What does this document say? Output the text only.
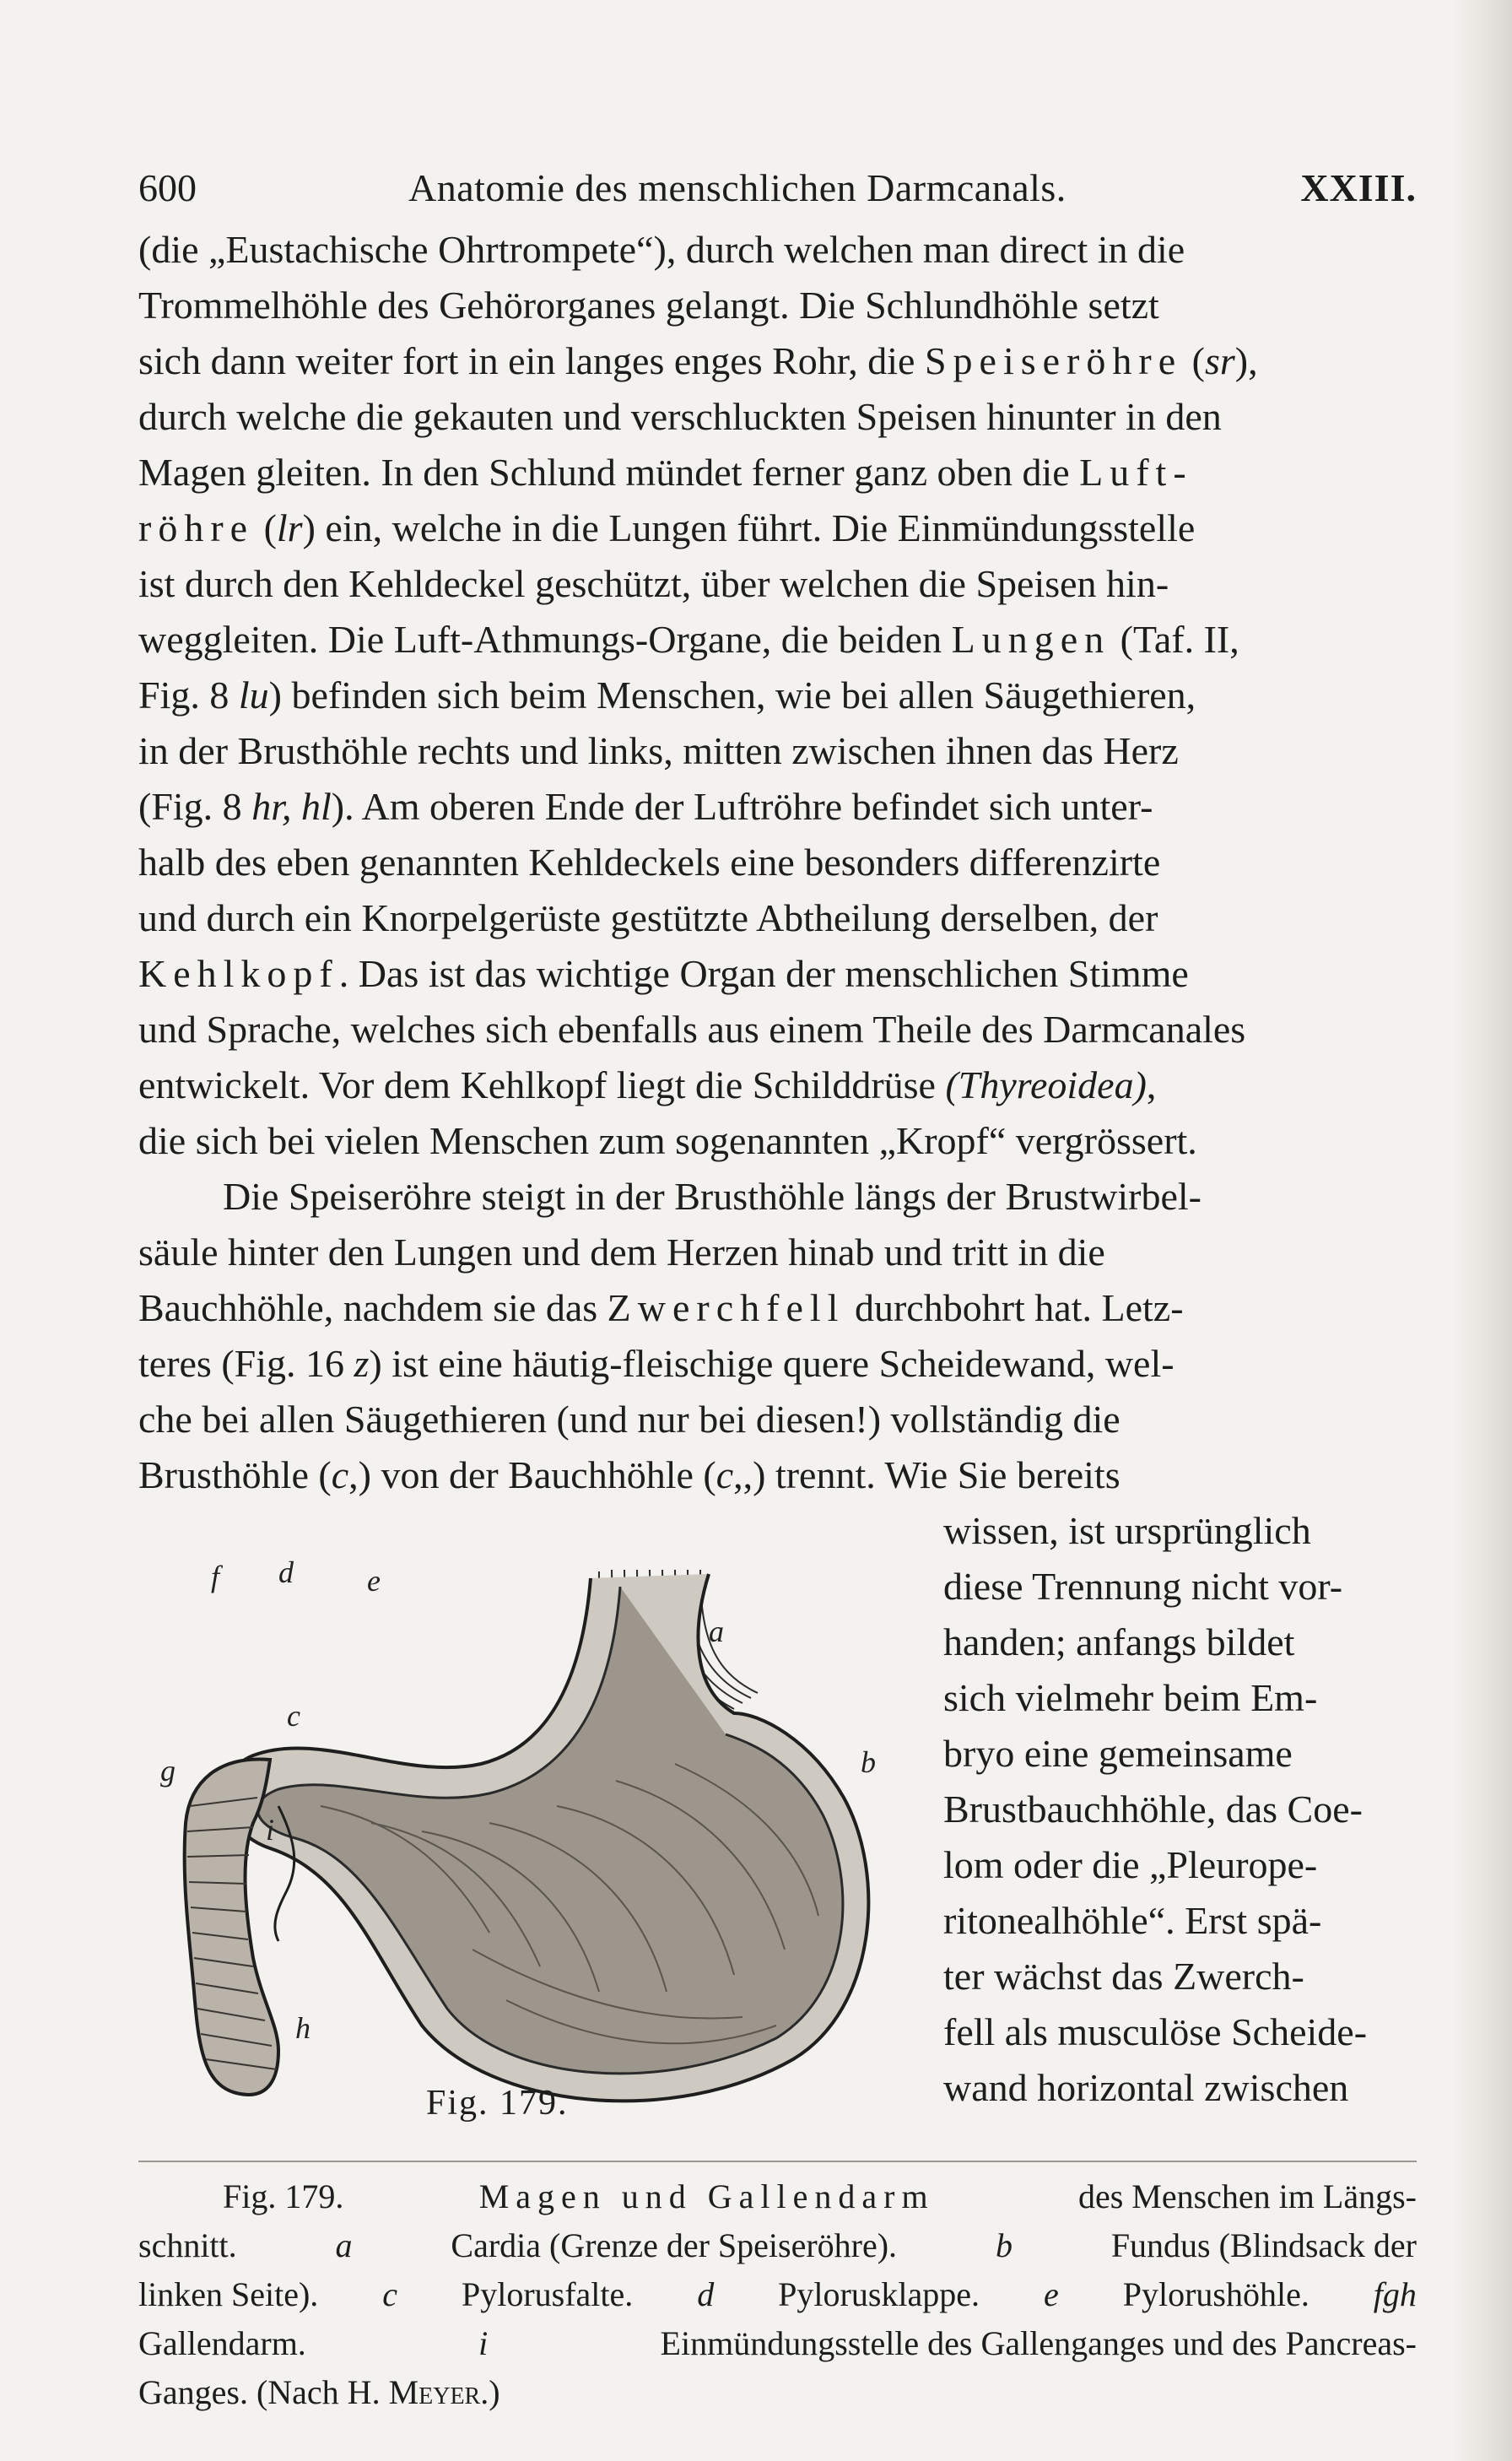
600	Anatomie des menschlichen Darmcanals.	XXIII.
(die „Eustachische Ohrtrompete“), durch welchen man direct in die
Trommelhöhle des Gehörorganes gelangt. Die Schlundhöhle setzt
sich dann weiter fort in ein langes enges Rohr, die Speiseröhre ( sr ),
durch welche die gekauten und verschluckten Speisen hinunter in den
Magen gleiten. In den Schlund mündet ferner ganz oben die Luft-
röhre ( lr ) ein, welche in die Lungen führt. Die Einmündungsstelle
ist durch den Kehldeckel geschützt, über welchen die Speisen hin-
weggleiten. Die Luft-Athmungs-Organe, die beiden Lungen (Taf. II,
Fig. 8 lu ) befinden sich beim Menschen, wie bei allen Säugethieren,
in der Brusthöhle rechts und links, mitten zwischen ihnen das Herz
(Fig. 8 hr, hl ). Am oberen Ende der Luftröhre befindet sich unter-
halb des eben genannten Kehldeckels eine besonders differenzirte
und durch ein Knorpelgerüste gestützte Abtheilung derselben, der
Kehlkopf . Das ist das wichtige Organ der menschlichen Stimme
und Sprache, welches sich ebenfalls aus einem Theile des Darmcanales
entwickelt. Vor dem Kehlkopf liegt die Schilddrüse (Thyreoidea) ,
die sich bei vielen Menschen zum sogenannten „Kropf“ vergrössert.
Die Speiseröhre steigt in der Brusthöhle längs der Brustwirbel-
säule hinter den Lungen und dem Herzen hinab und tritt in die
Bauchhöhle, nachdem sie das Zwerchfell durchbohrt hat. Letz-
teres (Fig. 16 z ) ist eine häutig-fleischige quere Scheidewand, wel-
che bei allen Säugethieren (und nur bei diesen!) vollständig die
Brusthöhle ( c ,) von der Bauchhöhle ( c ,,) trennt. Wie Sie bereits
wissen, ist ursprünglich
diese Trennung nicht vor-
handen; anfangs bildet
sich vielmehr beim Em-
bryo eine gemeinsame
Brustbauchhöhle, das Coe-
lom oder die „Pleurope-
ritonealhöhle“. Erst spä-
ter wächst das Zwerch-
fell als musculöse Scheide-
wand horizontal zwischen
f d e
a
c
b
g
i
h
Fig. 179.
Fig. 179.	Magen und Gallendarm	des Menschen im Längs-
schnitt.	a	Cardia (Grenze der Speiseröhre).	b	Fundus (Blindsack der
linken Seite). c Pylorusfalte. d Pylorusklappe. e Pylorushöhle. fgh
Gallendarm.	i	Einmündungsstelle des Gallenganges und des Pancreas-
Ganges. (Nach H. Meyer .)
